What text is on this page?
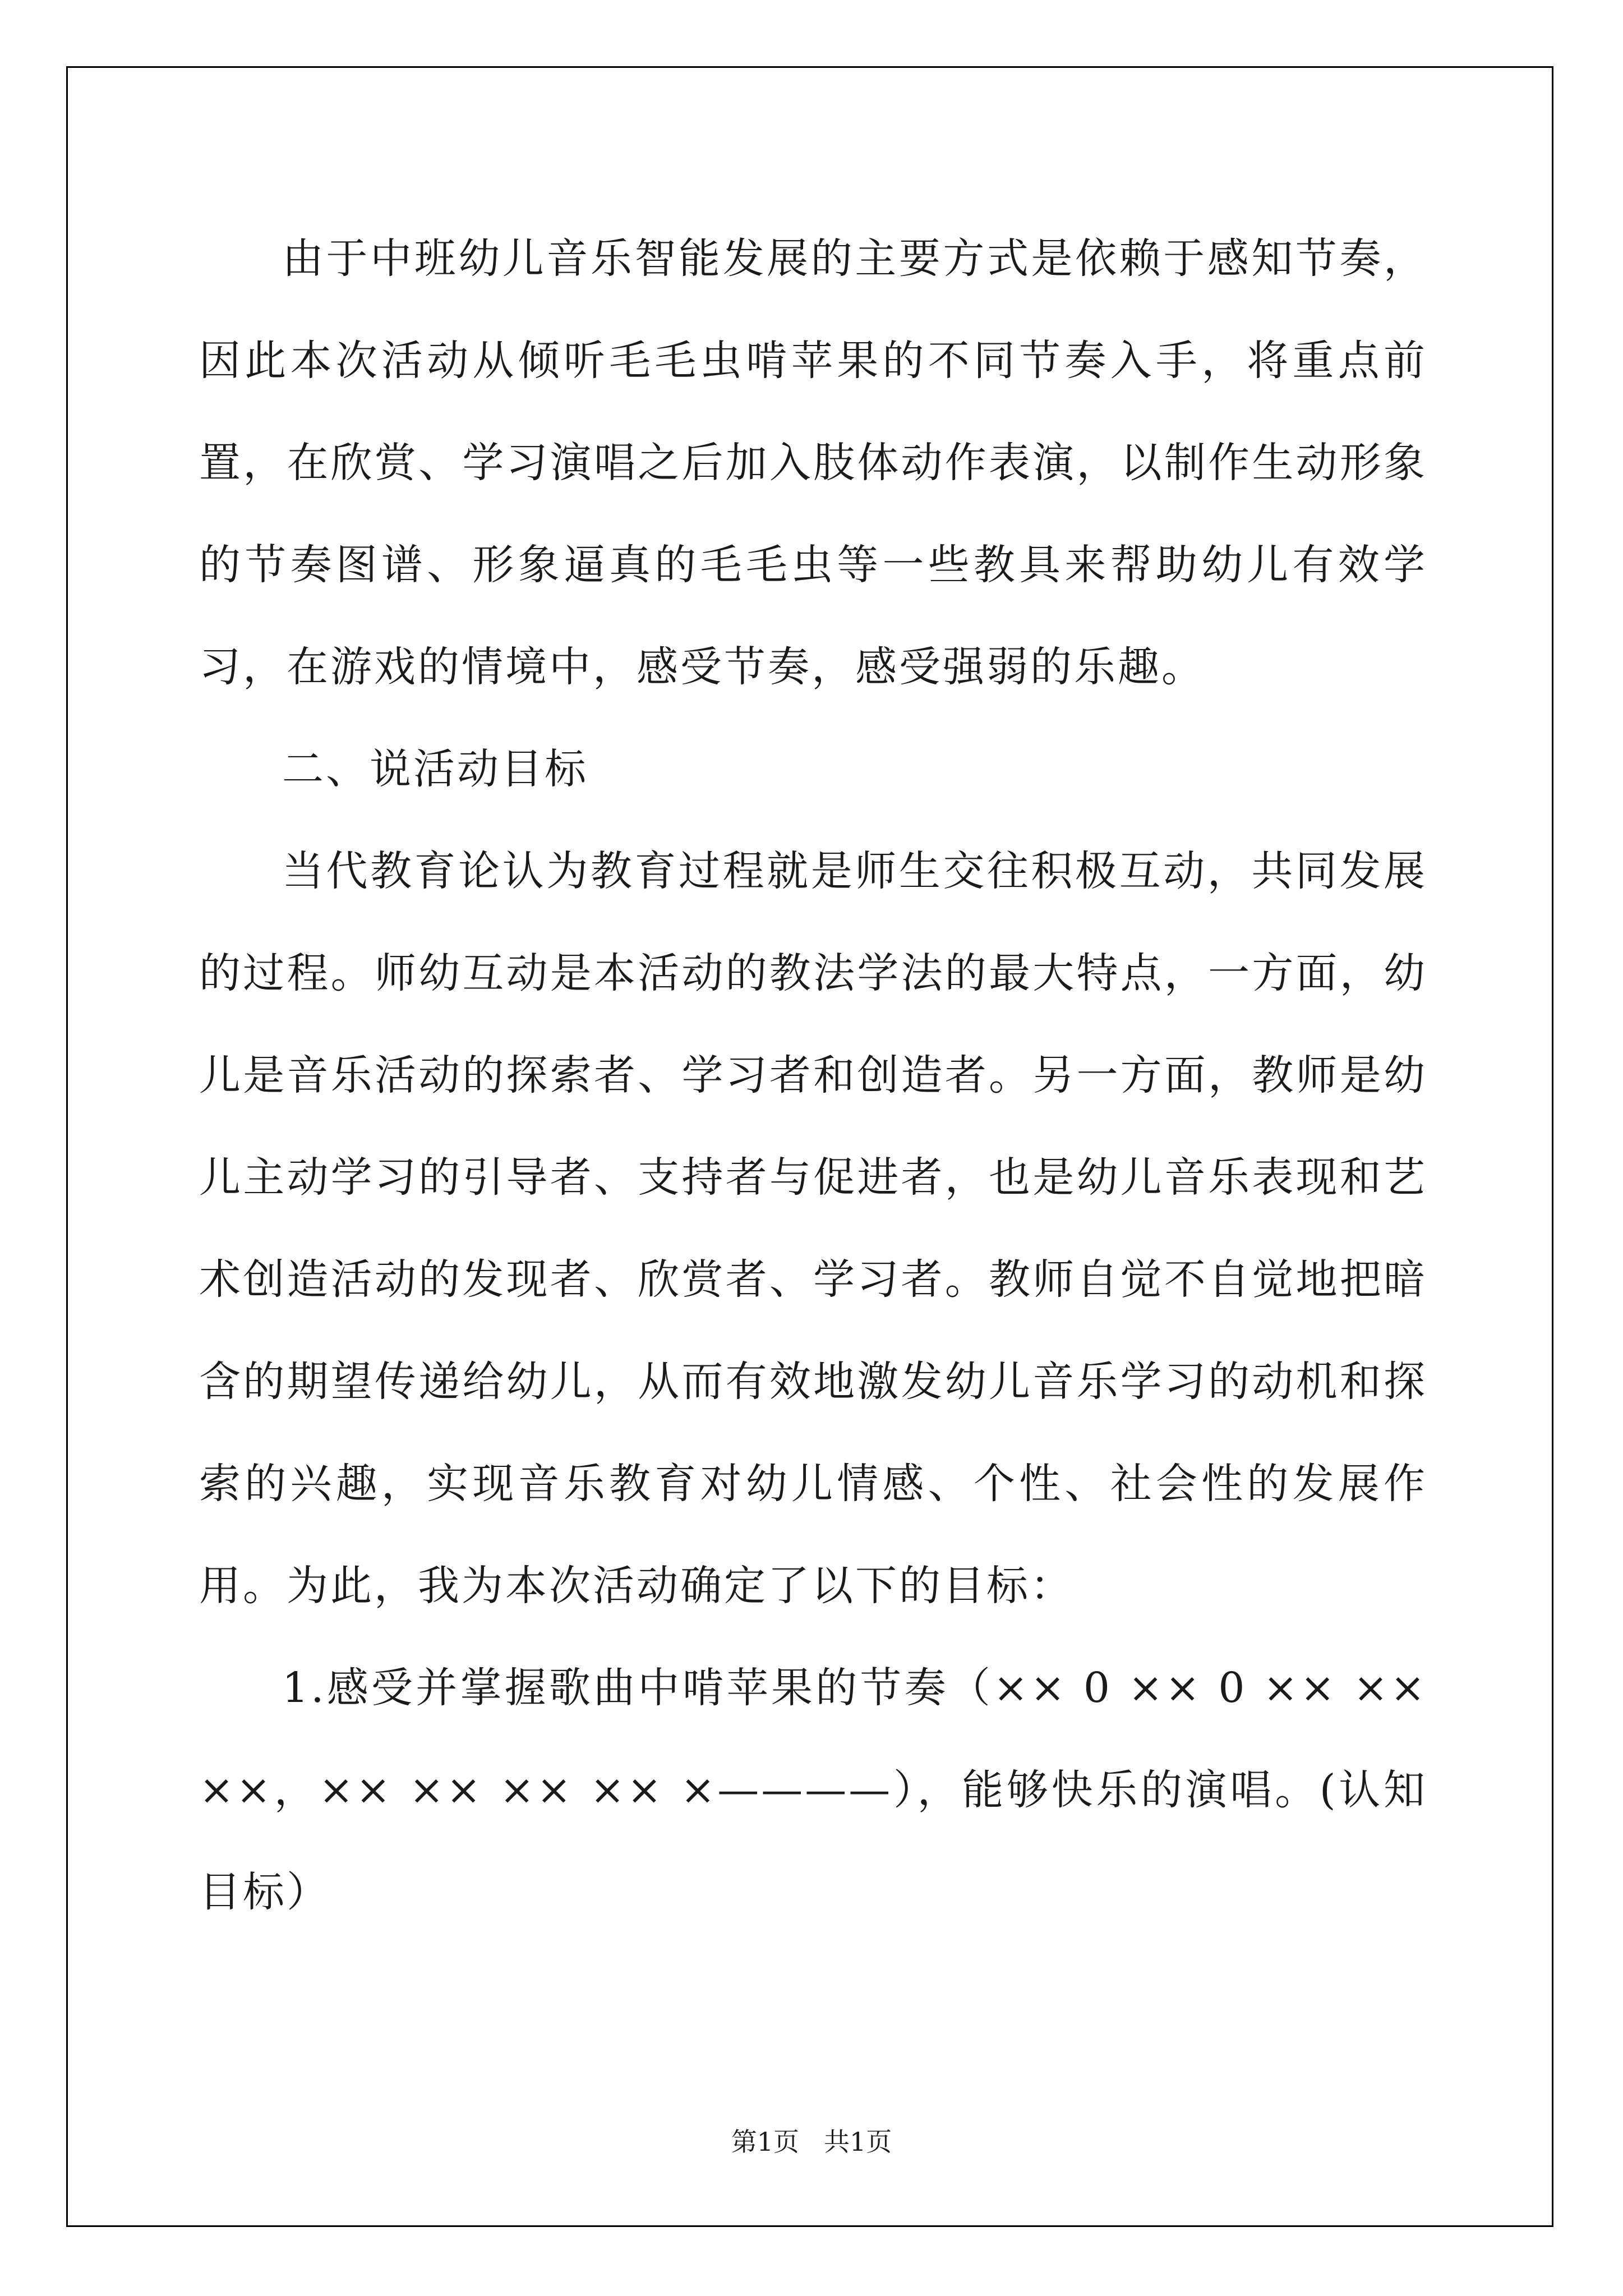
由于中班幼儿音乐智能发展的主要方式是依赖于感知节奏，因此本次活动从倾听毛毛虫啃苹果的不同节奏入手，将重点前置，在欣赏、学习演唱之后加入肢体动作表演，以制作生动形象的节奏图谱、形象逼真的毛毛虫等一些教具来帮助幼儿有效学习，在游戏的情境中，感受节奏，感受强弱的乐趣。

二、说活动目标

当代教育论认为教育过程就是师生交往积极互动，共同发展的过程。师幼互动是本活动的教法学法的最大特点，一方面，幼儿是音乐活动的探索者、学习者和创造者。另一方面，教师是幼儿主动学习的引导者、支持者与促进者，也是幼儿音乐表现和艺术创造活动的发现者、欣赏者、学习者。教师自觉不自觉地把暗含的期望传递给幼儿，从而有效地激发幼儿音乐学习的动机和探索的兴趣，实现音乐教育对幼儿情感、个性、社会性的发展作用。为此，我为本次活动确定了以下的目标：

1.感受并掌握歌曲中啃苹果的节奏（×× 0 ×× 0 ×× ×× ××，×× ×× ×× ×× ×————），能够快乐的演唱。(认知目标）

第1页 共1页
